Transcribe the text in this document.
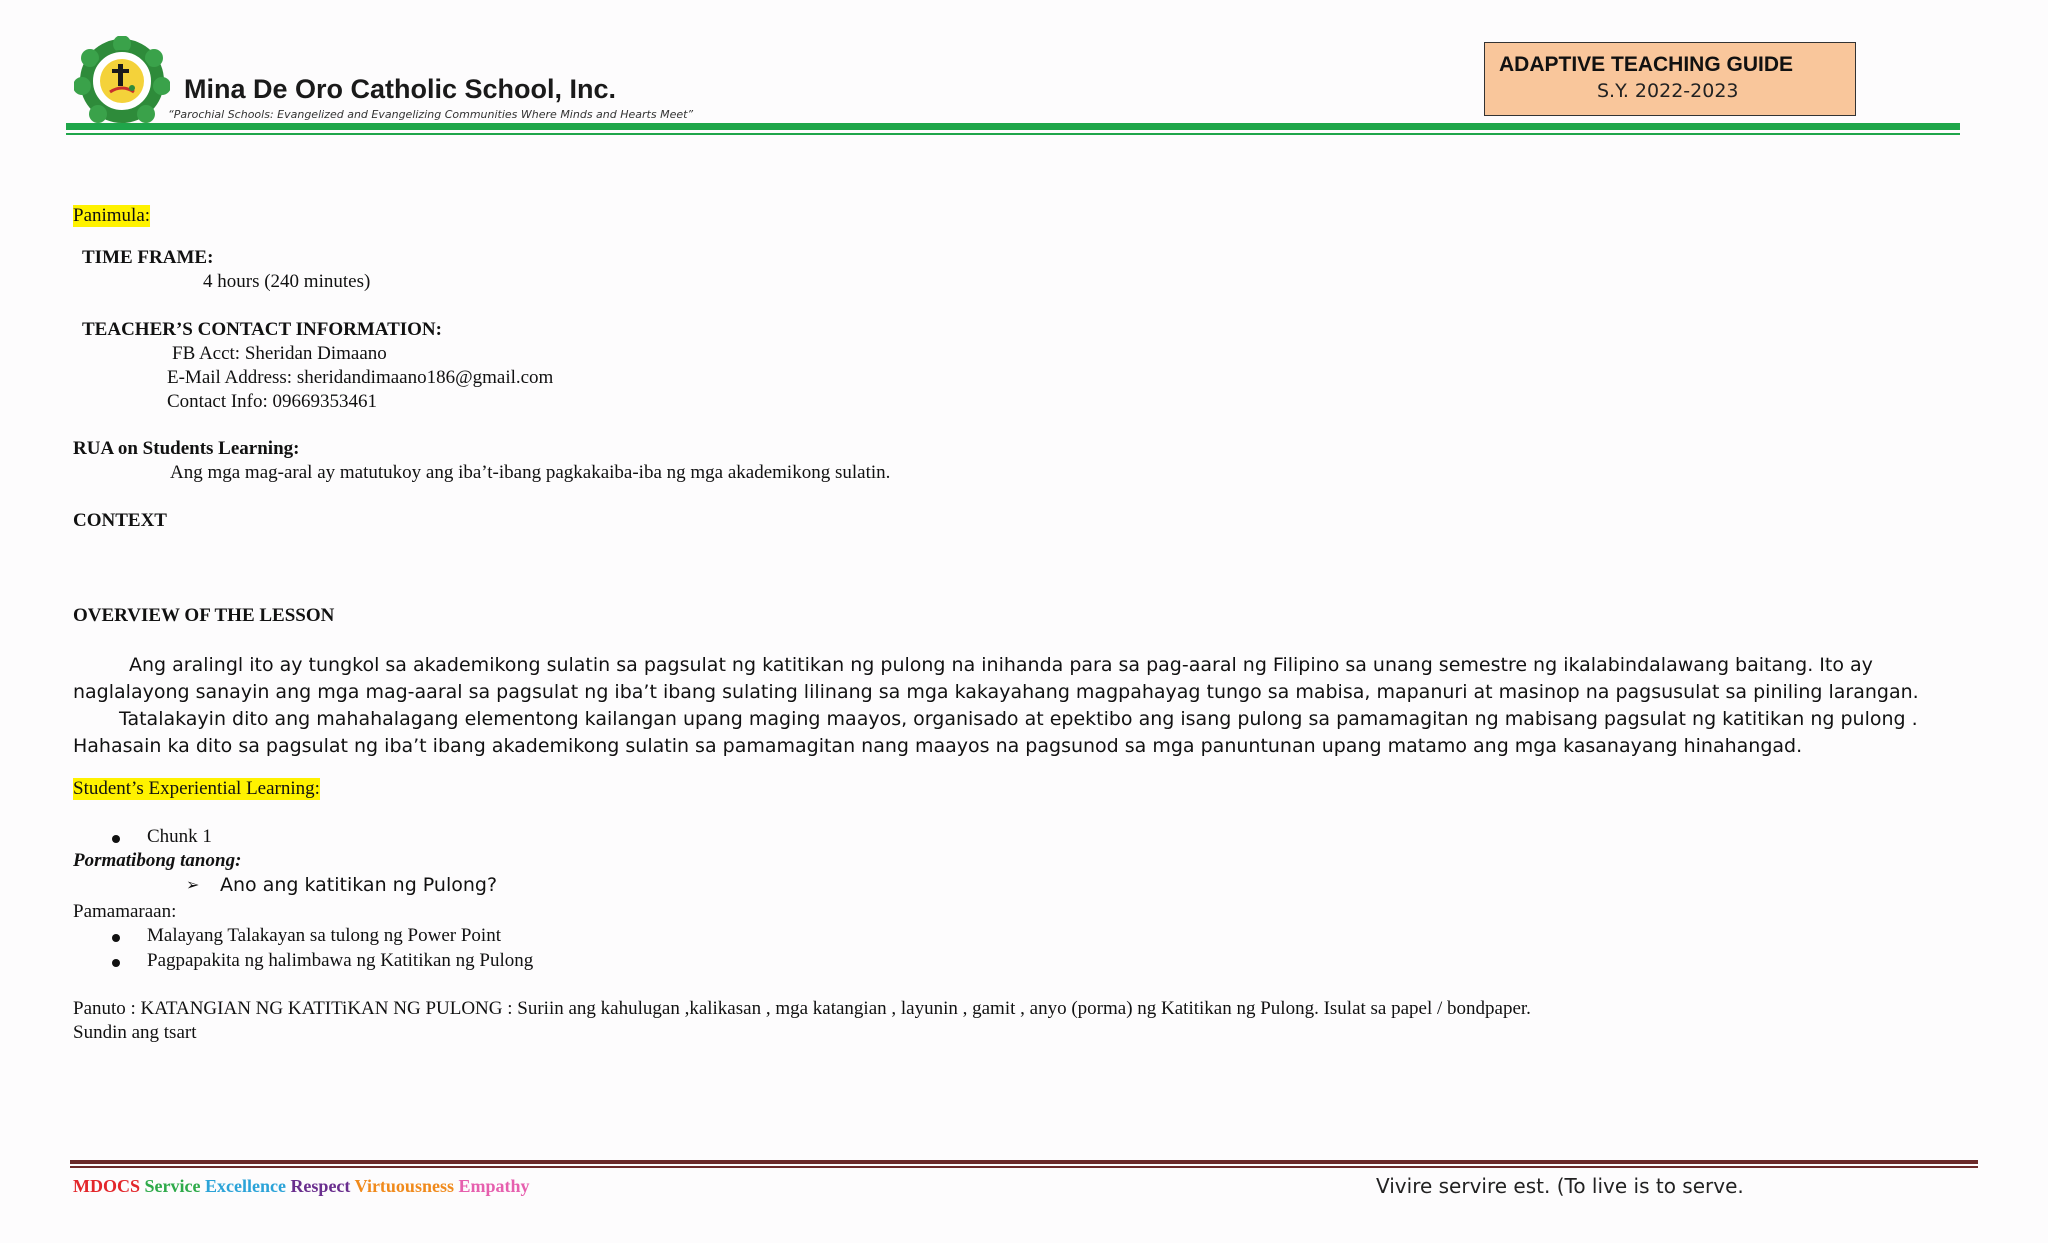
Mina De Oro Catholic School, Inc.
“Parochial Schools: Evangelized and Evangelizing Communities Where Minds and Hearts Meet”
ADAPTIVE TEACHING GUIDE
S.Y. 2022-2023
Panimula:
TIME FRAME:
4 hours (240 minutes)
TEACHER’S CONTACT INFORMATION:
FB Acct: Sheridan Dimaano
E-Mail Address: sheridandimaano186@gmail.com
Contact Info: 09669353461
RUA on Students Learning:
Ang mga mag-aral ay matutukoy ang iba’t-ibang pagkakaiba-iba ng mga akademikong sulatin.
CONTEXT
OVERVIEW OF THE LESSON
Ang aralingl ito ay tungkol sa akademikong sulatin sa pagsulat ng katitikan ng pulong na inihanda para sa pag-aaral ng Filipino sa unang semestre ng ikalabindalawang baitang. Ito ay
naglalayong sanayin ang mga mag-aaral sa pagsulat ng iba’t ibang sulating lilinang sa mga kakayahang magpahayag tungo sa mabisa, mapanuri at masinop na pagsusulat sa piniling larangan.
Tatalakayin dito ang mahahalagang elementong kailangan upang maging maayos, organisado at epektibo ang isang pulong sa pamamagitan ng mabisang pagsulat ng katitikan ng pulong .
Hahasain ka dito sa pagsulat ng iba’t ibang akademikong sulatin sa pamamagitan nang maayos na pagsunod sa mga panuntunan upang matamo ang mga kasanayang hinahangad.
Student’s Experiential Learning:
Chunk 1
Pormatibong tanong:
➢ Ano ang katitikan ng Pulong?
Pamamaraan:
Malayang Talakayan sa tulong ng Power Point
Pagpapakita ng halimbawa ng Katitikan ng Pulong
Panuto : KATANGIAN NG KATITiKAN NG PULONG : Suriin ang kahulugan ,kalikasan , mga katangian , layunin , gamit , anyo (porma) ng Katitikan ng Pulong. Isulat sa papel / bondpaper.
Sundin ang tsart
MDOCS Service Excellence Respect Virtuousness Empathy	Vivire servire est. (To live is to serve.
